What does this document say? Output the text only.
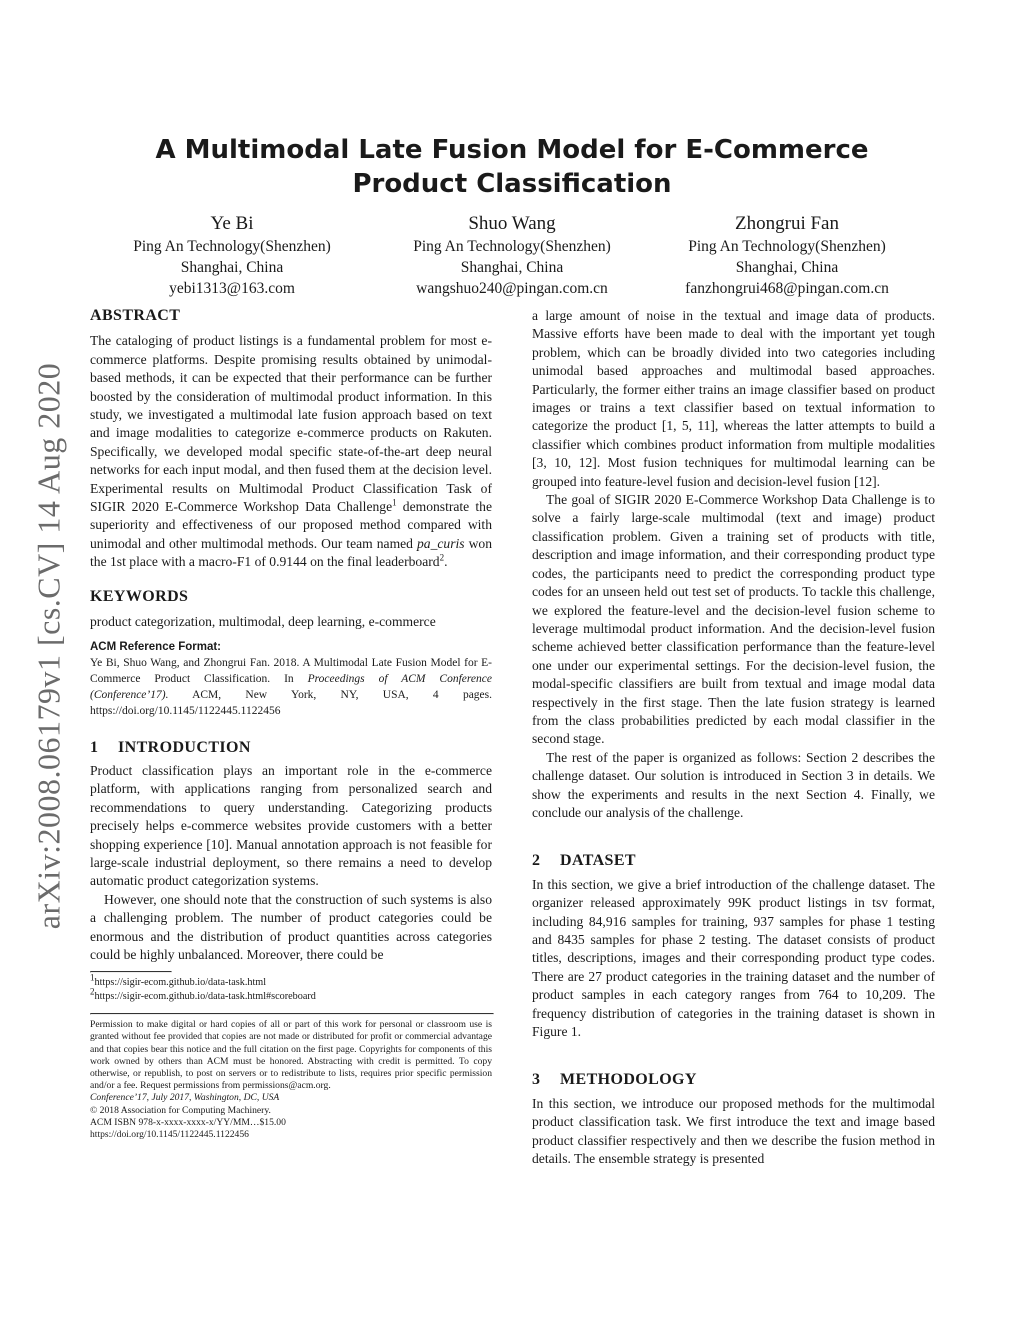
arXiv:2008.06179v1 [cs.CV] 14 Aug 2020
A Multimodal Late Fusion Model for E-Commerce Product Classification
Ye Bi
Ping An Technology(Shenzhen)
Shanghai, China
yebi1313@163.com
Shuo Wang
Ping An Technology(Shenzhen)
Shanghai, China
wangshuo240@pingan.com.cn
Zhongrui Fan
Ping An Technology(Shenzhen)
Shanghai, China
fanzhongrui468@pingan.com.cn
ABSTRACT

The cataloging of product listings is a fundamental problem for most e-commerce platforms. Despite promising results obtained by unimodal-based methods, it can be expected that their performance can be further boosted by the consideration of multimodal product information. In this study, we investigated a multimodal late fusion approach based on text and image modalities to categorize e-commerce products on Rakuten. Specifically, we developed modal specific state-of-the-art deep neural networks for each input modal, and then fused them at the decision level. Experimental results on Multimodal Product Classification Task of SIGIR 2020 E-Commerce Workshop Data Challenge$^1$ demonstrate the superiority and effectiveness of our proposed method compared with unimodal and other multimodal methods. Our team named pa_curis won the 1st place with a macro-F1 of 0.9144 on the final leaderboard$^2$.

KEYWORDS

product categorization, multimodal, deep learning, e-commerce

ACM Reference Format:
Ye Bi, Shuo Wang, and Zhongrui Fan. 2018. A Multimodal Late Fusion Model for E-Commerce Product Classification. In Proceedings of ACM Conference (Conference’17). ACM, New York, NY, USA, 4 pages. https://doi.org/10.1145/1122445.1122456
1 INTRODUCTION

Product classification plays an important role in the e-commerce platform, with applications ranging from personalized search and recommendations to query understanding. Categorizing products precisely helps e-commerce websites provide customers with a better shopping experience [10]. Manual annotation approach is not feasible for large-scale industrial deployment, so there remains a need to develop automatic product categorization systems.

However, one should note that the construction of such systems is also a challenging problem. The number of product categories could be enormous and the distribution of product quantities across categories could be highly unbalanced. Moreover, there could be

$^1$https://sigir-ecom.github.io/data-task.html
$^2$https://sigir-ecom.github.io/data-task.html#scoreboard
Permission to make digital or hard copies of all or part of this work for personal or classroom use is granted without fee provided that copies are not made or distributed for profit or commercial advantage and that copies bear this notice and the full citation on the first page. Copyrights for components of this work owned by others than ACM must be honored. Abstracting with credit is permitted. To copy otherwise, or republish, to post on servers or to redistribute to lists, requires prior specific permission and/or a fee. Request permissions from permissions@acm.org.
Conference’17, July 2017, Washington, DC, USA
© 2018 Association for Computing Machinery.
ACM ISBN 978-x-xxxx-xxxx-x/YY/MM…$15.00
https://doi.org/10.1145/1122445.1122456

a large amount of noise in the textual and image data of products. Massive efforts have been made to deal with the important yet tough problem, which can be broadly divided into two categories including unimodal based approaches and multimodal based approaches. Particularly, the former either trains an image classifier based on product images or trains a text classifier based on textual information to categorize the product [1, 5, 11], whereas the latter attempts to build a classifier which combines product information from multiple modalities [3, 10, 12]. Most fusion techniques for multimodal learning can be grouped into feature-level fusion and decision-level fusion [12].

The goal of SIGIR 2020 E-Commerce Workshop Data Challenge is to solve a fairly large-scale multimodal (text and image) product classification problem. Given a training set of products with title, description and image information, and their corresponding product type codes, the participants need to predict the corresponding product type codes for an unseen held out test set of products. To tackle this challenge, we explored the feature-level and the decision-level fusion scheme to leverage multimodal product information. And the decision-level fusion scheme achieved better classification performance than the feature-level one under our experimental settings. For the decision-level fusion, the modal-specific classifiers are built from textual and image modal data respectively in the first stage. Then the late fusion strategy is learned from the class probabilities predicted by each modal classifier in the second stage.

The rest of the paper is organized as follows: Section 2 describes the challenge dataset. Our solution is introduced in Section 3 in details. We show the experiments and results in the next Section 4. Finally, we conclude our analysis of the challenge.

2 DATASET

In this section, we give a brief introduction of the challenge dataset. The organizer released approximately 99K product listings in tsv format, including 84,916 samples for training, 937 samples for phase 1 testing and 8435 samples for phase 2 testing. The dataset consists of product titles, descriptions, images and their corresponding product type codes. There are 27 product categories in the training dataset and the number of product samples in each category ranges from 764 to 10,209. The frequency distribution of categories in the training dataset is shown in Figure 1.

3 METHODOLOGY

In this section, we introduce our proposed methods for the multimodal product classification task. We first introduce the text and image based product classifier respectively and then we describe the fusion method in details. The ensemble strategy is presented
